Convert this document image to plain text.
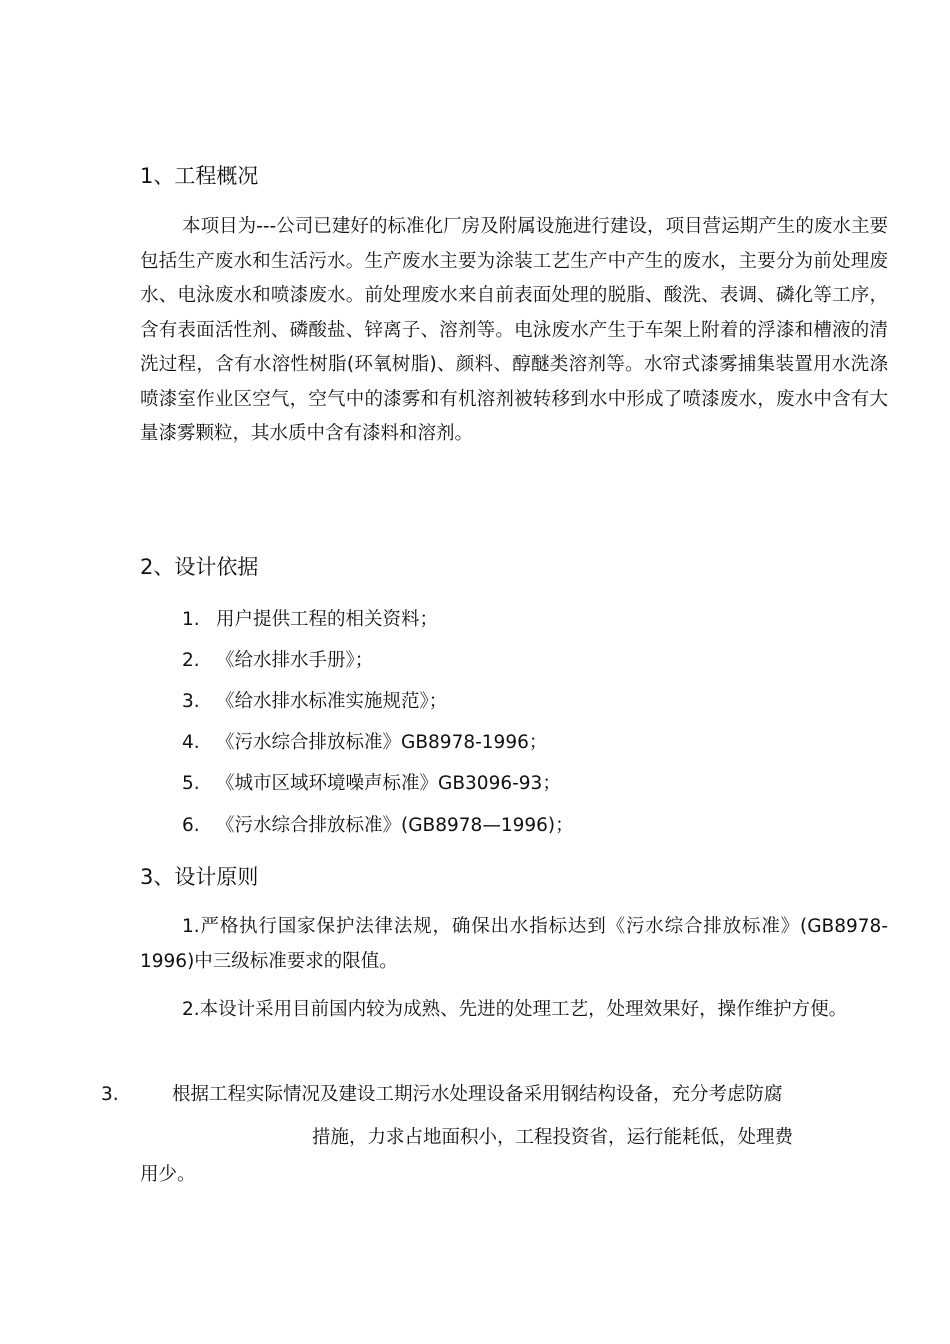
1、工程概况
本项目为---公司已建好的标准化厂房及附属设施进行建设，项目营运期产生的废水主要包括生产废水和生活污水。生产废水主要为涂装工艺生产中产生的废水，主要分为前处理废水、电泳废水和喷漆废水。前处理废水来自前表面处理的脱脂、酸洗、表调、磷化等工序，含有表面活性剂、磷酸盐、锌离子、溶剂等。电泳废水产生于车架上附着的浮漆和槽液的清洗过程，含有水溶性树脂(环氧树脂)、颜料、醇醚类溶剂等。水帘式漆雾捕集装置用水洗涤喷漆室作业区空气，空气中的漆雾和有机溶剂被转移到水中形成了喷漆废水，废水中含有大量漆雾颗粒，其水质中含有漆料和溶剂。
2、设计依据
1. 用户提供工程的相关资料；
2. 《给水排水手册》；
3. 《给水排水标准实施规范》；
4. 《污水综合排放标准》GB8978-1996；
5. 《城市区域环境噪声标准》GB3096-93；
6. 《污水综合排放标准》(GB8978—1996)；
3、设计原则
1.严格执行国家保护法律法规，确保出水指标达到《污水综合排放标准》(GB8978-1996)中三级标准要求的限值。
2.本设计采用目前国内较为成熟、先进的处理工艺，处理效果好，操作维护方便。
3.	根据工程实际情况及建设工期污水处理设备采用钢结构设备，充分考虑防腐
措施，力求占地面积小，工程投资省，运行能耗低，处理费
用少。
